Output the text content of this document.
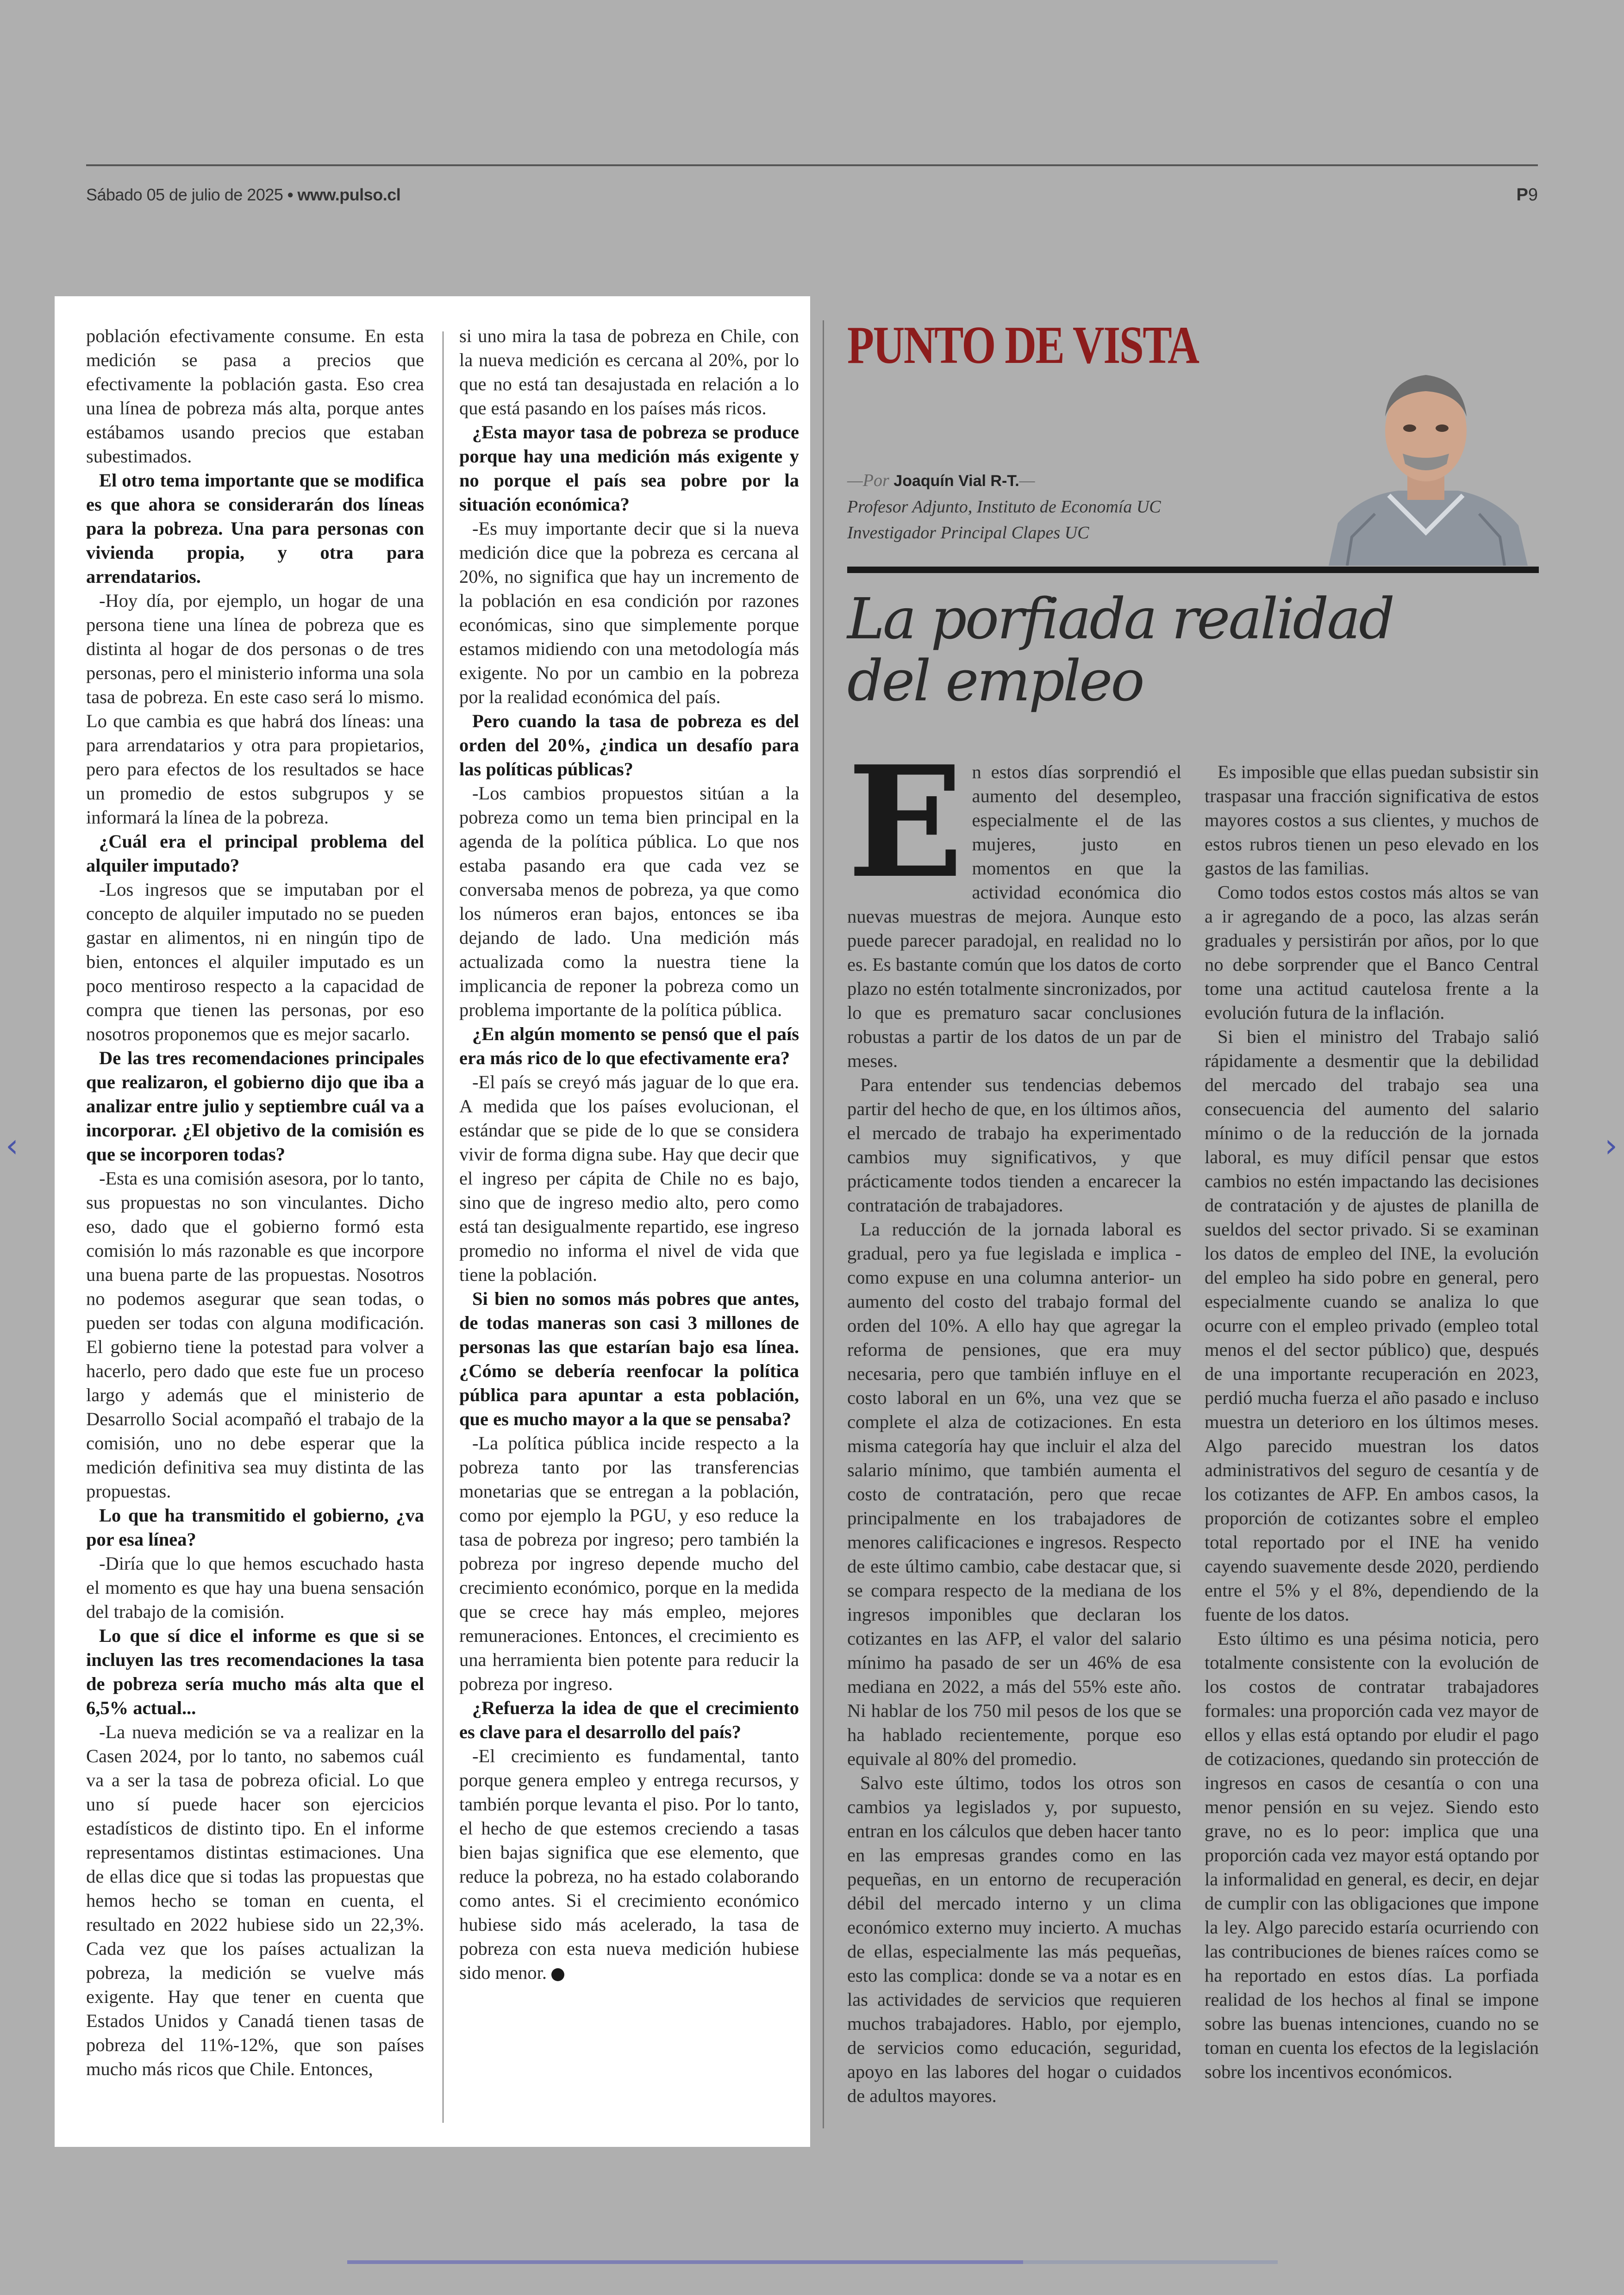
Sábado 05 de julio de 2025 • www.pulso.cl	P9
‹	›

población efectivamente consume. En esta medición se pasa a precios que efectivamente la población gasta. Eso crea una línea de pobreza más alta, porque antes estábamos usando precios que estaban subestimados.

El otro tema importante que se modifica es que ahora se considerarán dos líneas para la pobreza. Una para personas con vivienda propia, y otra para arrendatarios.

-Hoy día, por ejemplo, un hogar de una persona tiene una línea de pobreza que es distinta al hogar de dos personas o de tres personas, pero el ministerio informa una sola tasa de pobreza. En este caso será lo mismo. Lo que cambia es que habrá dos líneas: una para arrendatarios y otra para propietarios, pero para efectos de los resultados se hace un promedio de estos subgrupos y se informará la línea de la pobreza.

¿Cuál era el principal problema del alquiler imputado?

-Los ingresos que se imputaban por el concepto de alquiler imputado no se pueden gastar en alimentos, ni en ningún tipo de bien, entonces el alquiler imputado es un poco mentiroso respecto a la capacidad de compra que tienen las personas, por eso nosotros proponemos que es mejor sacarlo.

De las tres recomendaciones principales que realizaron, el gobierno dijo que iba a analizar entre julio y septiembre cuál va a incorporar. ¿El objetivo de la comisión es que se incorporen todas?

-Esta es una comisión asesora, por lo tanto, sus propuestas no son vinculantes. Dicho eso, dado que el gobierno formó esta comisión lo más razonable es que incorpore una buena parte de las propuestas. Nosotros no podemos asegurar que sean todas, o pueden ser todas con alguna modificación. El gobierno tiene la potestad para volver a hacerlo, pero dado que este fue un proceso largo y además que el ministerio de Desarrollo Social acompañó el trabajo de la comisión, uno no debe esperar que la medición definitiva sea muy distinta de las propuestas.

Lo que ha transmitido el gobierno, ¿va por esa línea?

-Diría que lo que hemos escuchado hasta el momento es que hay una buena sensación del trabajo de la comisión.

Lo que sí dice el informe es que si se incluyen las tres recomendaciones la tasa de pobreza sería mucho más alta que el 6,5% actual...

-La nueva medición se va a realizar en la Casen 2024, por lo tanto, no sabemos cuál va a ser la tasa de pobreza oficial. Lo que uno sí puede hacer son ejercicios estadísticos de distinto tipo. En el informe representamos distintas estimaciones. Una de ellas dice que si todas las propuestas que hemos hecho se toman en cuenta, el resultado en 2022 hubiese sido un 22,3%. Cada vez que los países actualizan la pobreza, la medición se vuelve más exigente. Hay que tener en cuenta que Estados Unidos y Canadá tienen tasas de pobreza del 11%-12%, que son países mucho más ricos que Chile. Entonces,

si uno mira la tasa de pobreza en Chile, con la nueva medición es cercana al 20%, por lo que no está tan desajustada en relación a lo que está pasando en los países más ricos.

¿Esta mayor tasa de pobreza se produce porque hay una medición más exigente y no porque el país sea pobre por la situación económica?

-Es muy importante decir que si la nueva medición dice que la pobreza es cercana al 20%, no significa que hay un incremento de la población en esa condición por razones económicas, sino que simplemente porque estamos midiendo con una metodología más exigente. No por un cambio en la pobreza por la realidad económica del país.

Pero cuando la tasa de pobreza es del orden del 20%, ¿indica un desafío para las políticas públicas?

-Los cambios propuestos sitúan a la pobreza como un tema bien principal en la agenda de la política pública. Lo que nos estaba pasando era que cada vez se conversaba menos de pobreza, ya que como los números eran bajos, entonces se iba dejando de lado. Una medición más actualizada como la nuestra tiene la implicancia de reponer la pobreza como un problema importante de la política pública.

¿En algún momento se pensó que el país era más rico de lo que efectivamente era?

-El país se creyó más jaguar de lo que era. A medida que los países evolucionan, el estándar que se pide de lo que se considera vivir de forma digna sube. Hay que decir que el ingreso per cápita de Chile no es bajo, sino que de ingreso medio alto, pero como está tan desigualmente repartido, ese ingreso promedio no informa el nivel de vida que tiene la población.

Si bien no somos más pobres que antes, de todas maneras son casi 3 millones de personas las que estarían bajo esa línea. ¿Cómo se debería reenfocar la política pública para apuntar a esta población, que es mucho mayor a la que se pensaba?

-La política pública incide respecto a la pobreza tanto por las transferencias monetarias que se entregan a la población, como por ejemplo la PGU, y eso reduce la tasa de pobreza por ingreso; pero también la pobreza por ingreso depende mucho del crecimiento económico, porque en la medida que se crece hay más empleo, mejores remuneraciones. Entonces, el crecimiento es una herramienta bien potente para reducir la pobreza por ingreso.

¿Refuerza la idea de que el crecimiento es clave para el desarrollo del país?

-El crecimiento es fundamental, tanto porque genera empleo y entrega recursos, y también porque levanta el piso. Por lo tanto, el hecho de que estemos creciendo a tasas bien bajas significa que ese elemento, que reduce la pobreza, no ha estado colaborando como antes. Si el crecimiento económico hubiese sido más acelerado, la tasa de pobreza con esta nueva medición hubiese sido menor. P

PUNTO DE VISTA
—Por Joaquín Vial R-T.—
Profesor Adjunto, Instituto de Economía UC
Investigador Principal Clapes UC
La porfiada realidad
del empleo

En estos días sorprendió el aumento del desempleo, especialmente el de las mujeres, justo en momentos en que la actividad económica dio nuevas muestras de mejora. Aunque esto puede parecer paradojal, en realidad no lo es. Es bastante común que los datos de corto plazo no estén totalmente sincronizados, por lo que es prematuro sacar conclusiones robustas a partir de los datos de un par de meses.

Para entender sus tendencias debemos partir del hecho de que, en los últimos años, el mercado de trabajo ha experimentado cambios muy significativos, y que prácticamente todos tienden a encarecer la contratación de trabajadores.

La reducción de la jornada laboral es gradual, pero ya fue legislada e implica -como expuse en una columna anterior- un aumento del costo del trabajo formal del orden del 10%. A ello hay que agregar la reforma de pensiones, que era muy necesaria, pero que también influye en el costo laboral en un 6%, una vez que se complete el alza de cotizaciones. En esta misma categoría hay que incluir el alza del salario mínimo, que también aumenta el costo de contratación, pero que recae principalmente en los trabajadores de menores calificaciones e ingresos. Respecto de este último cambio, cabe destacar que, si se compara respecto de la mediana de los ingresos imponibles que declaran los cotizantes en las AFP, el valor del salario mínimo ha pasado de ser un 46% de esa mediana en 2022, a más del 55% este año. Ni hablar de los 750 mil pesos de los que se ha hablado recientemente, porque eso equivale al 80% del promedio.

Salvo este último, todos los otros son cambios ya legislados y, por supuesto, entran en los cálculos que deben hacer tanto en las empresas grandes como en las pequeñas, en un entorno de recuperación débil del mercado interno y un clima económico externo muy incierto. A muchas de ellas, especialmente las más pequeñas, esto las complica: donde se va a notar es en las actividades de servicios que requieren muchos trabajadores. Hablo, por ejemplo, de servicios como educación, seguridad, apoyo en las labores del hogar o cuidados de adultos mayores.

Es imposible que ellas puedan subsistir sin traspasar una fracción significativa de estos mayores costos a sus clientes, y muchos de estos rubros tienen un peso elevado en los gastos de las familias.

Como todos estos costos más altos se van a ir agregando de a poco, las alzas serán graduales y persistirán por años, por lo que no debe sorprender que el Banco Central tome una actitud cautelosa frente a la evolución futura de la inflación.

Si bien el ministro del Trabajo salió rápidamente a desmentir que la debilidad del mercado del trabajo sea una consecuencia del aumento del salario mínimo o de la reducción de la jornada laboral, es muy difícil pensar que estos cambios no estén impactando las decisiones de contratación y de ajustes de planilla de sueldos del sector privado. Si se examinan los datos de empleo del INE, la evolución del empleo ha sido pobre en general, pero especialmente cuando se analiza lo que ocurre con el empleo privado (empleo total menos el del sector público) que, después de una importante recuperación en 2023, perdió mucha fuerza el año pasado e incluso muestra un deterioro en los últimos meses. Algo parecido muestran los datos administrativos del seguro de cesantía y de los cotizantes de AFP. En ambos casos, la proporción de cotizantes sobre el empleo total reportado por el INE ha venido cayendo suavemente desde 2020, perdiendo entre el 5% y el 8%, dependiendo de la fuente de los datos.

Esto último es una pésima noticia, pero totalmente consistente con la evolución de los costos de contratar trabajadores formales: una proporción cada vez mayor de ellos y ellas está optando por eludir el pago de cotizaciones, quedando sin protección de ingresos en casos de cesantía o con una menor pensión en su vejez. Siendo esto grave, no es lo peor: implica que una proporción cada vez mayor está optando por la informalidad en general, es decir, en dejar de cumplir con las obligaciones que impone la ley. Algo parecido estaría ocurriendo con las contribuciones de bienes raíces como se ha reportado en estos días. La porfiada realidad de los hechos al final se impone sobre las buenas intenciones, cuando no se toman en cuenta los efectos de la legislación sobre los incentivos económicos.
